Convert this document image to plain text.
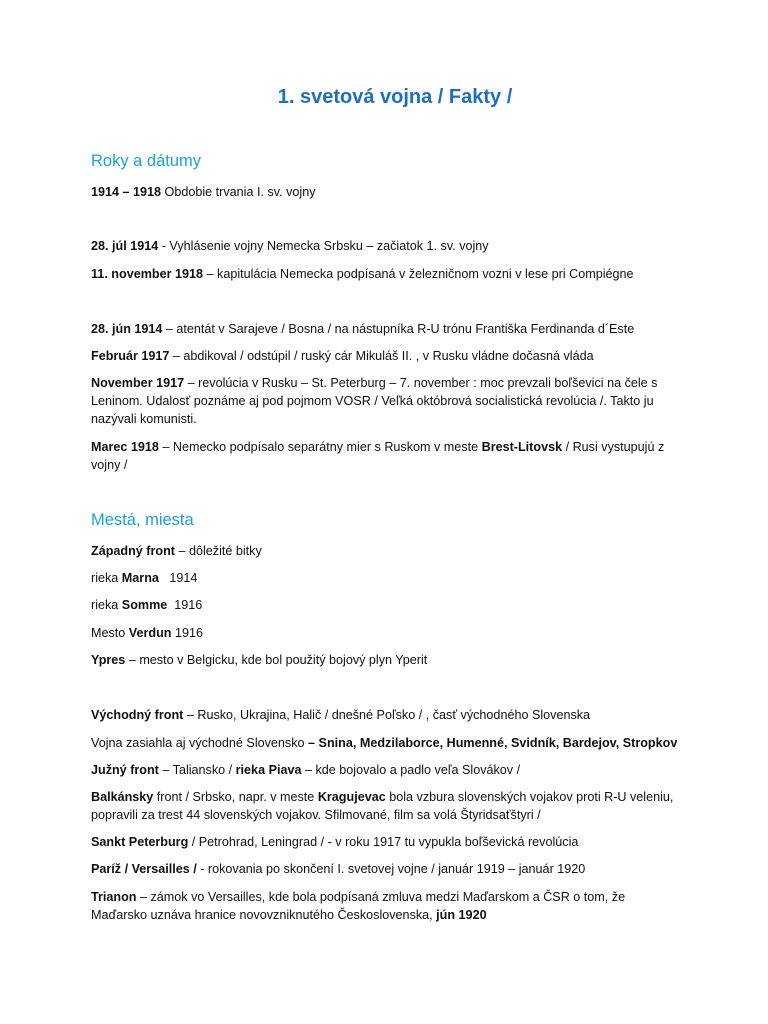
1. svetová vojna / Fakty /
Roky a dátumy

1914 – 1918 Obdobie trvania I. sv. vojny

28. júl 1914 - Vyhlásenie vojny Nemecka Srbsku – začiatok 1. sv. vojny

11. november 1918 – kapitulácia Nemecka podpísaná v železničnom vozni v lese pri Compiégne

28. jún 1914 – atentát v Sarajeve / Bosna / na nástupníka R-U trónu Františka Ferdinanda d´Este

Február 1917 – abdikoval / odstúpil / ruský cár Mikuláš II. , v Rusku vládne dočasná vláda

November 1917 – revolúcia v Rusku – St. Peterburg – 7. november : moc prevzali boľševici na čele s Leninom. Udalosť poznáme aj pod pojmom VOSR / Veľká októbrová socialistická revolúcia /. Takto ju nazývali komunisti.

Marec 1918 – Nemecko podpísalo separátny mier s Ruskom v meste Brest-Litovsk / Rusi vystupujú z vojny /

Mestá, miesta

Západný front – dôležité bitky

rieka Marna   1914

rieka Somme  1916

Mesto Verdun 1916

Ypres – mesto v Belgicku, kde bol použitý bojový plyn Yperit

Východný front – Rusko, Ukrajina, Halič / dnešné Poľsko / , časť východného Slovenska

Vojna zasiahla aj východné Slovensko – Snina, Medzilaborce, Humenné, Svidník, Bardejov, Stropkov

Južný front – Taliansko / rieka Piava – kde bojovalo a padlo veľa Slovákov /

Balkánsky front / Srbsko, napr. v meste Kragujevac bola vzbura slovenských vojakov proti R-U veleniu, popravili za trest 44 slovenských vojakov. Sfilmované, film sa volá Štyridsaťštyri /

Sankt Peterburg / Petrohrad, Leningrad / - v roku 1917 tu vypukla boľševická revolúcia

Paríž / Versailles / - rokovania po skončení I. svetovej vojne / január 1919 – január 1920

Trianon – zámok vo Versailles, kde bola podpísaná zmluva medzi Maďarskom a ČSR o tom, že Maďarsko uznáva hranice novovzniknutého Československa, jún 1920
